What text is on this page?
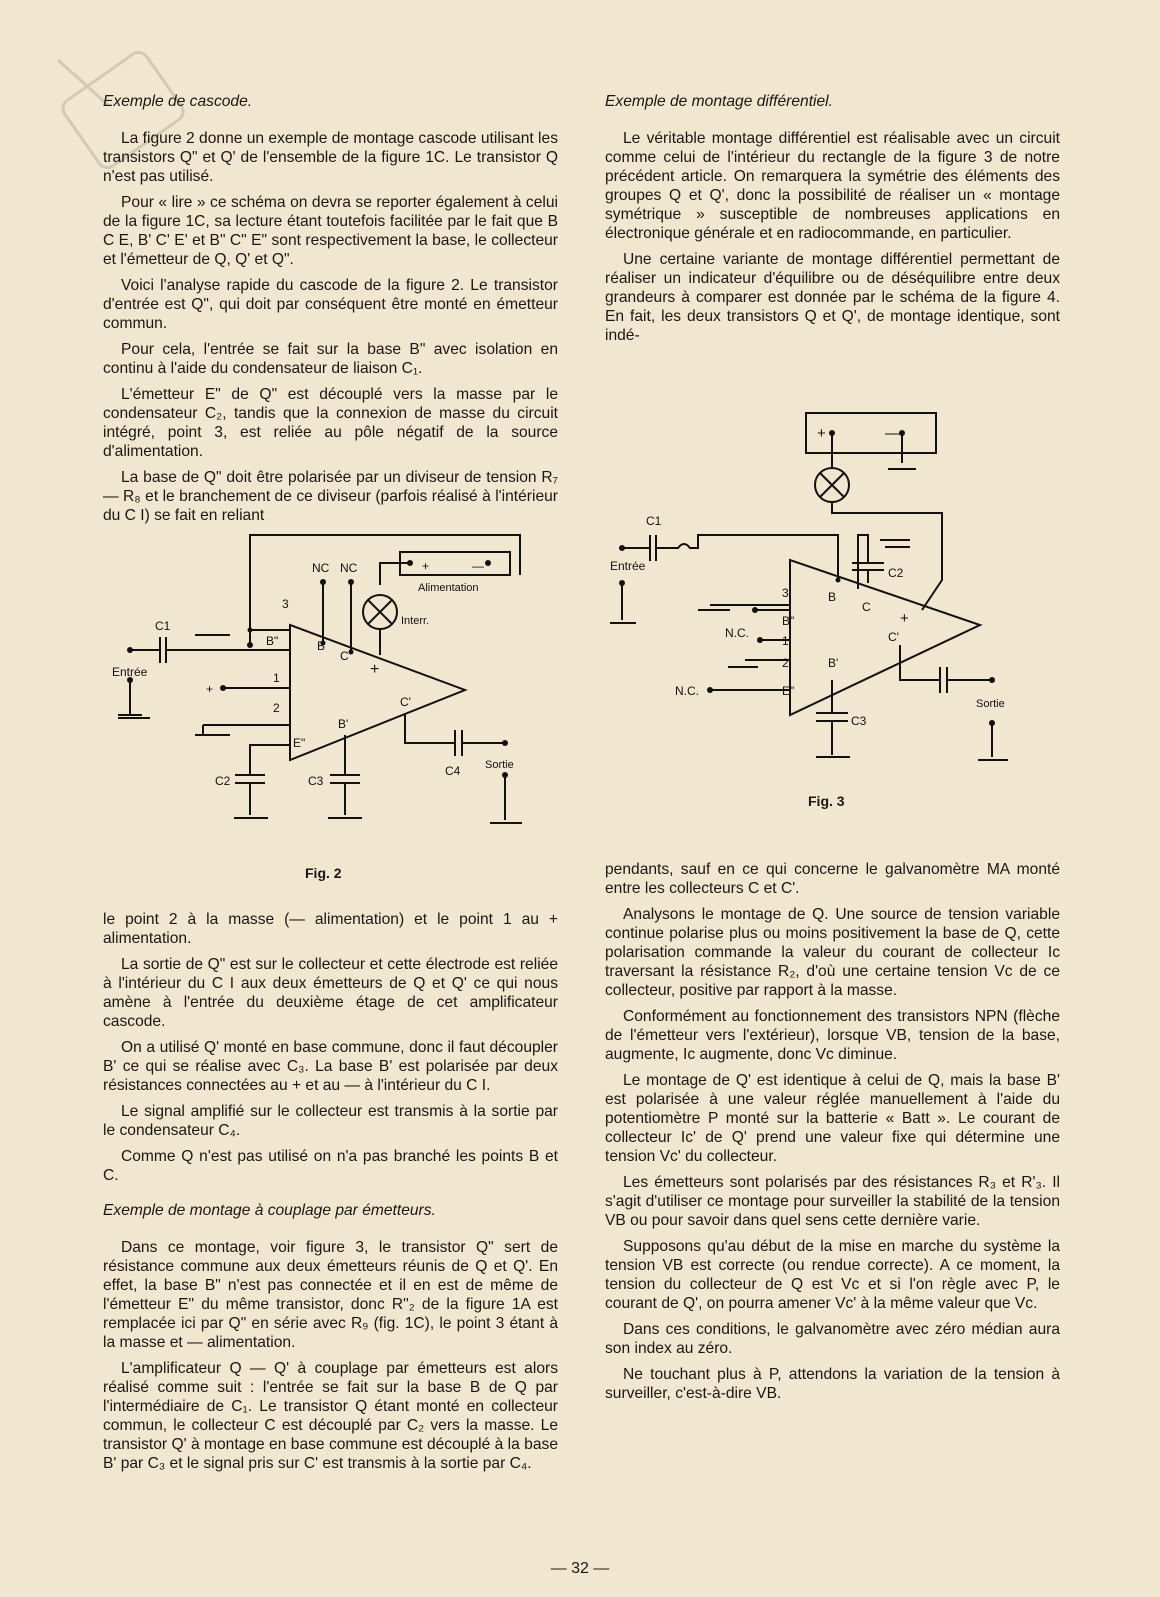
Exemple de cascode.

La figure 2 donne un exemple de montage cascode utilisant les transistors Q" et Q' de l'ensemble de la figure 1C. Le transistor Q n'est pas utilisé.

Pour « lire » ce schéma on devra se reporter également à celui de la figure 1C, sa lecture étant toutefois facilitée par le fait que B C E, B' C' E' et B" C" E" sont respectivement la base, le collecteur et l'émetteur de Q, Q' et Q".

Voici l'analyse rapide du cascode de la figure 2. Le transistor d'entrée est Q", qui doit par conséquent être monté en émetteur commun.

Pour cela, l'entrée se fait sur la base B" avec isolation en continu à l'aide du condensateur de liaison C₁.

L'émetteur E" de Q" est découplé vers la masse par le condensateur C₂, tandis que la connexion de masse du circuit intégré, point 3, est reliée au pôle négatif de la source d'alimentation.

La base de Q" doit être polarisée par un diviseur de tension R₇ — R₈ et le branchement de ce diviseur (parfois réalisé à l'intérieur du C I) se fait en reliant

C1
Entrée
+
NC NC	+	—
Alimentation
Interr.
3
B"
1
2
E"
B
C
+
C'
B'
C2	C3
C4 Sortie
Fig. 2

le point 2 à la masse (— alimentation) et le point 1 au + alimentation.

La sortie de Q" est sur le collecteur et cette électrode est reliée à l'intérieur du C I aux deux émetteurs de Q et Q' ce qui nous amène à l'entrée du deuxième étage de cet amplificateur cascode.

On a utilisé Q' monté en base commune, donc il faut découpler B' ce qui se réalise avec C₃. La base B' est polarisée par deux résistances connectées au + et au — à l'intérieur du C I.

Le signal amplifié sur le collecteur est transmis à la sortie par le condensateur C₄.

Comme Q n'est pas utilisé on n'a pas branché les points B et C.

Exemple de montage à couplage par émetteurs.

Dans ce montage, voir figure 3, le transistor Q" sert de résistance commune aux deux émetteurs réunis de Q et Q'. En effet, la base B" n'est pas connectée et il en est de même de l'émetteur E" du même transistor, donc R"₂ de la figure 1A est remplacée ici par Q" en série avec R₉ (fig. 1C), le point 3 étant à la masse et — alimentation.

L'amplificateur Q — Q' à couplage par émetteurs est alors réalisé comme suit : l'entrée se fait sur la base B de Q par l'intermédiaire de C₁. Le transistor Q étant monté en collecteur commun, le collecteur C est découplé par C₂ vers la masse. Le transistor Q' à montage en base commune est découplé à la base B' par C₃ et le signal pris sur C' est transmis à la sortie par C₄.

Exemple de montage différentiel.

Le véritable montage différentiel est réalisable avec un circuit comme celui de l'intérieur du rectangle de la figure 3 de notre précédent article. On remarquera la symétrie des éléments des groupes Q et Q', donc la possibilité de réaliser un « montage symétrique » susceptible de nombreuses applications en électronique générale et en radiocommande, en particulier.

Une certaine variante de montage différentiel permettant de réaliser un indicateur d'équilibre ou de déséquilibre entre deux grandeurs à comparer est donnée par le schéma de la figure 4. En fait, les deux transistors Q et Q', de montage identique, sont indé-

C1
Entrée
+	—
C2
3	B
C
N.C.
B"
1
2
+
C'
B'
N.C.	E"
C3
Sortie
Fig. 3

pendants, sauf en ce qui concerne le galvanomètre MA monté entre les collecteurs C et C'.

Analysons le montage de Q. Une source de tension variable continue polarise plus ou moins positivement la base de Q, cette polarisation commande la valeur du courant de collecteur Ic traversant la résistance R₂, d'où une certaine tension Vc de ce collecteur, positive par rapport à la masse.

Conformément au fonctionnement des transistors NPN (flèche de l'émetteur vers l'extérieur), lorsque VB, tension de la base, augmente, Ic augmente, donc Vc diminue.

Le montage de Q' est identique à celui de Q, mais la base B' est polarisée à une valeur réglée manuellement à l'aide du potentiomètre P monté sur la batterie « Batt ». Le courant de collecteur Ic' de Q' prend une valeur fixe qui détermine une tension Vc' du collecteur.

Les émetteurs sont polarisés par des résistances R₃ et R'₃. Il s'agit d'utiliser ce montage pour surveiller la stabilité de la tension VB ou pour savoir dans quel sens cette dernière varie.

Supposons qu'au début de la mise en marche du système la tension VB est correcte (ou rendue correcte). A ce moment, la tension du collecteur de Q est Vc et si l'on règle avec P, le courant de Q', on pourra amener Vc' à la même valeur que Vc.

Dans ces conditions, le galvanomètre avec zéro médian aura son index au zéro.

Ne touchant plus à P, attendons la variation de la tension à surveiller, c'est-à-dire VB.

— 32 —
